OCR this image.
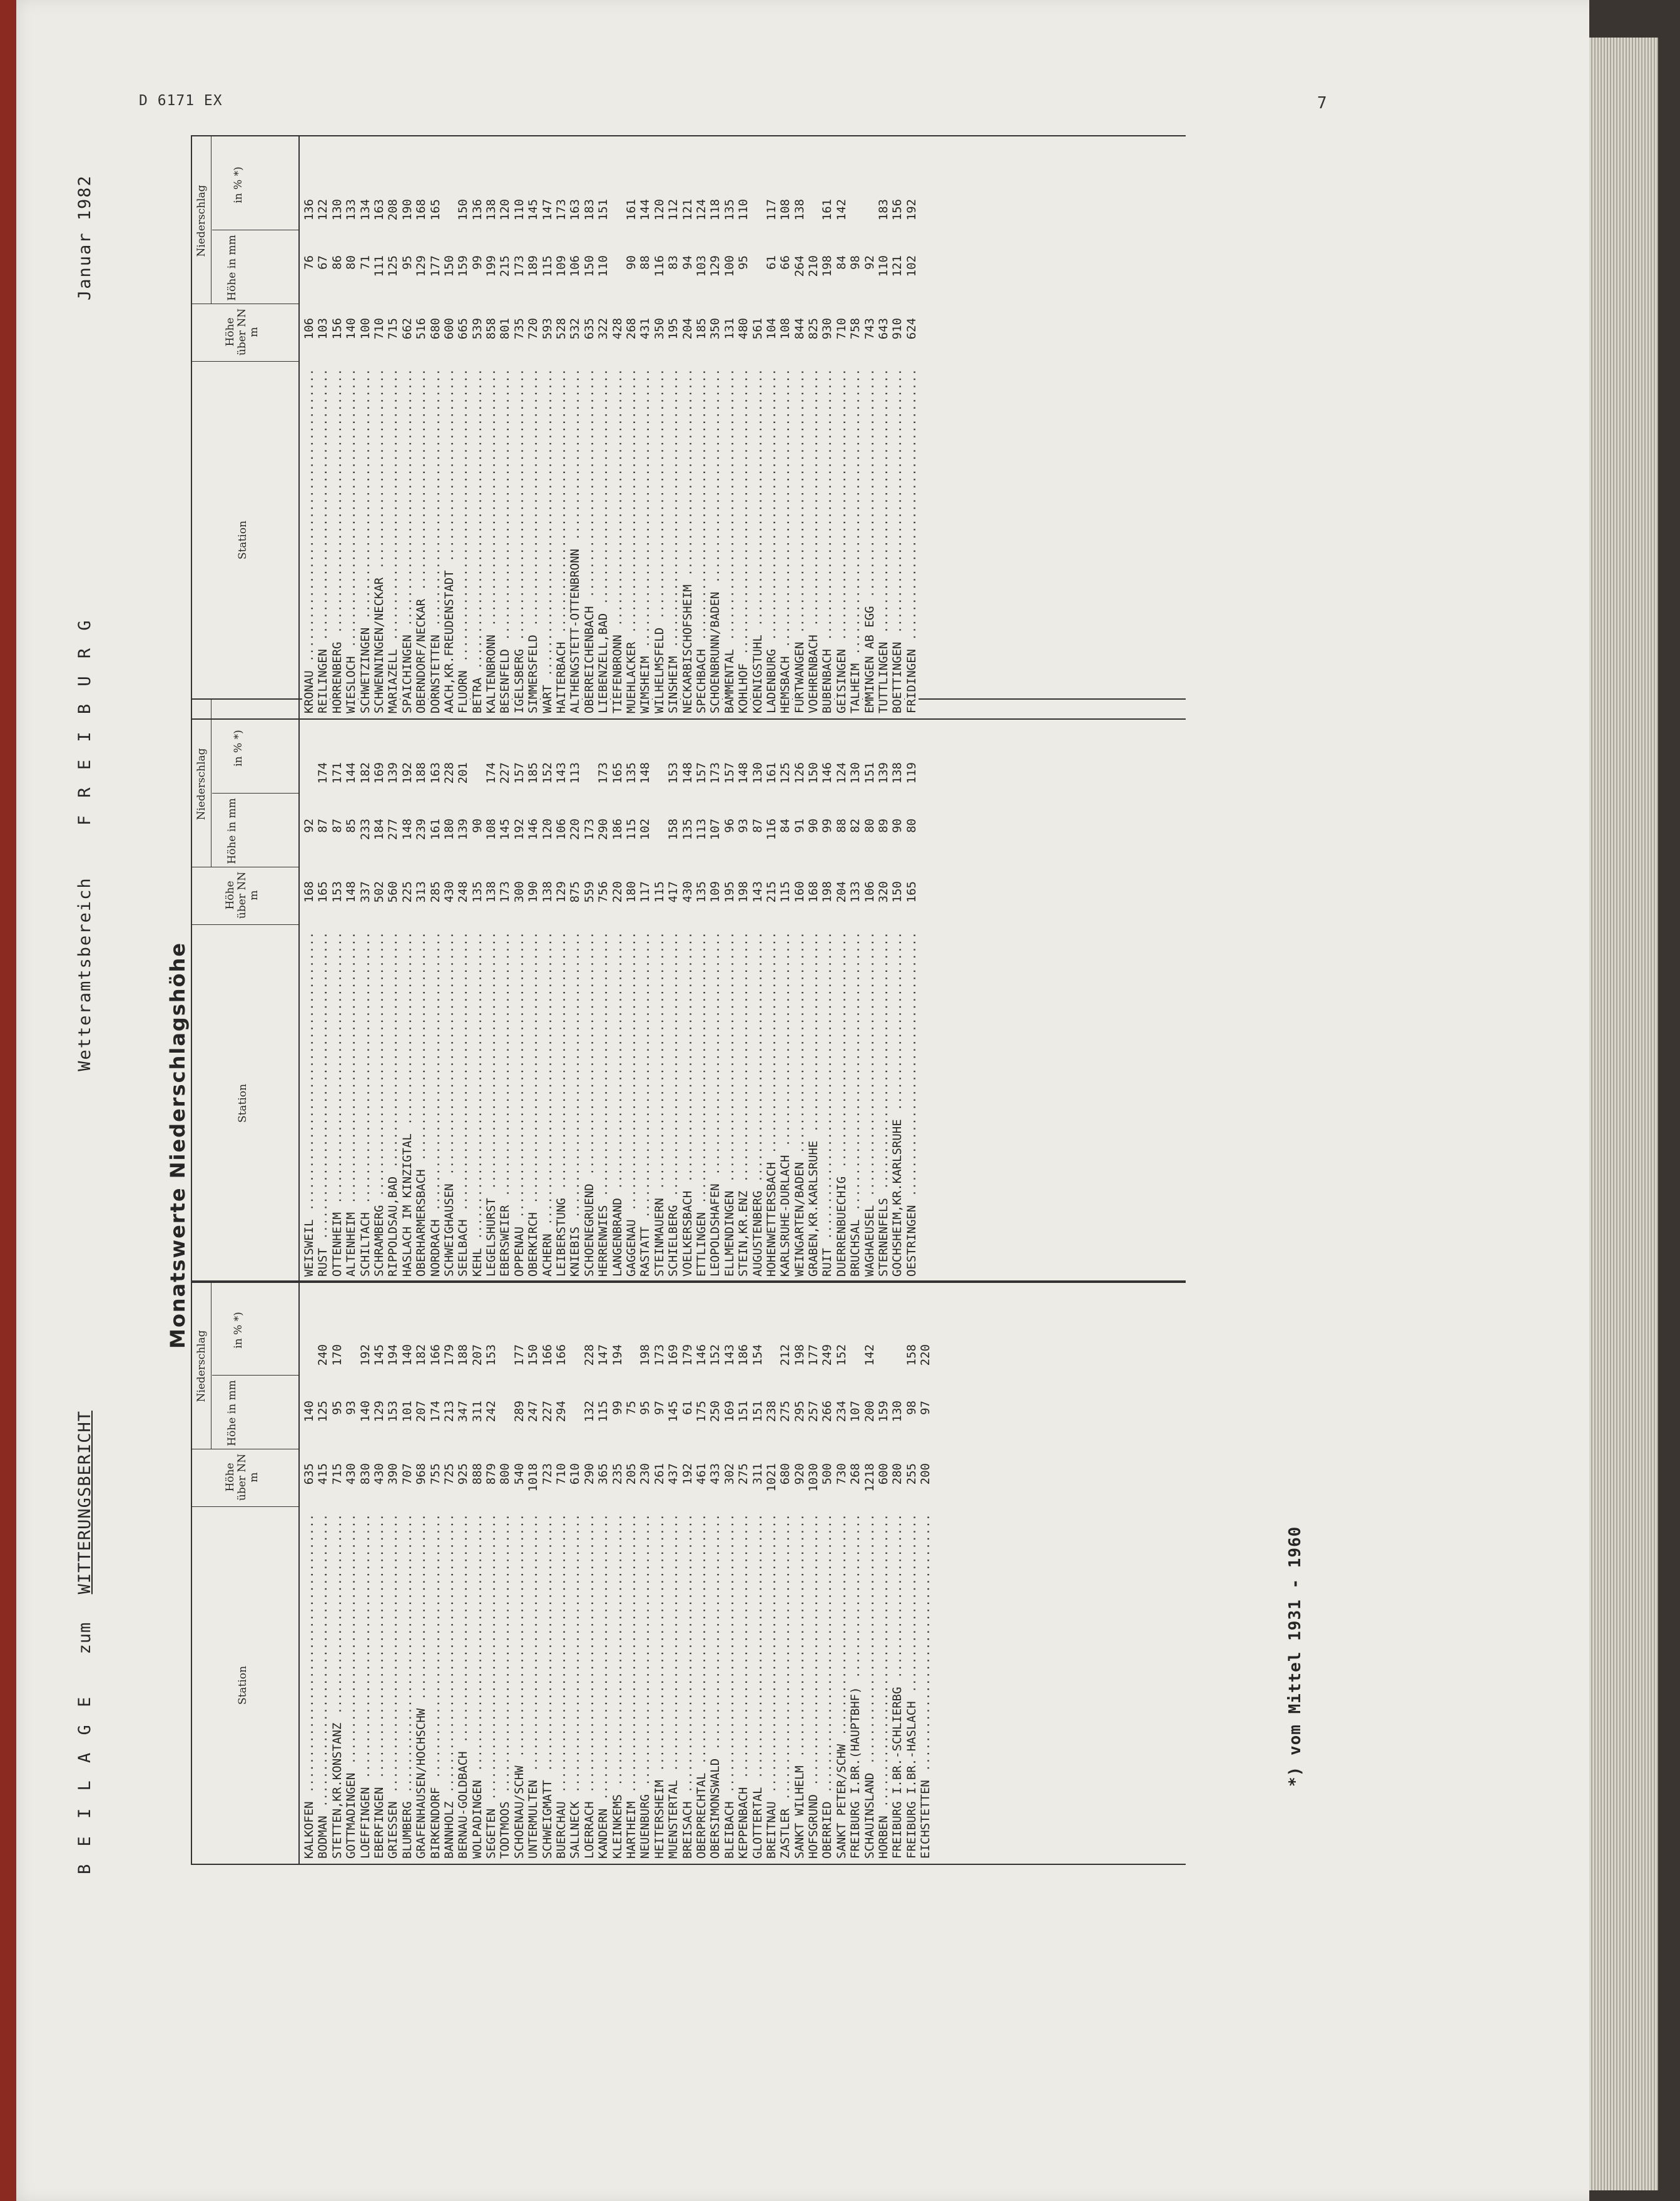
D 6171 EX	7
B E I L A G E zum WITTERUNGSBERICHT Wetteramtsbereich F R E I B U R G
Januar 1982
Monatswerte Niederschlagshöhe
Station
Höhe über NN m
Niederschlag
Höhe in mm
in % *)
KALKOFEN .....
635
140
BODMAN .....
415
125
240
STETTEN,KR.KONSTANZ .....
715
95
170
GOTTMADINGEN .....
430
93
LOEFFINGEN .....
830
140
192
EBERFINGEN .....
430
129
145
GRIESSEN .....
390
153
194
BLUMBERG .....
707
101
140
GRAFENHAUSEN/HOCHSCHW .....
968
207
182
BIRKENDORF .....
755
174
166
BANNHOLZ .....
725
213
179
BERNAU-GOLDBACH .....
925
347
188
WOLPADINGEN .....
888
311
207
SEGETEN .....
879
242
153
TODTMOOS .....
800
SCHOENAU/SCHW .....
540
289
177
UNTERMULTEN .....
1018
247
150
SCHWEIGMATT .....
723
227
166
BUERCHAU .....
710
294
166
SALLNECK .....
610
LOERRACH .....
290
132
228
KANDERN .....
365
115
147
KLEINKEMS .....
235
99
194
HARTHEIM .....
205
75
NEUENBURG .....
230
95
198
HEITERSHEIM .....
261
97
173
MUENSTERTAL .....
437
145
169
BREISACH .....
192
61
179
OBERPRECHTAL .....
461
175
146
OBERSIMONSWALD .....
433
250
152
BLEIBACH .....
302
169
143
KEPPENBACH .....
275
151
186
GLOTTERTAL .....
311
151
154
BREITNAU .....
1021
238
ZASTLER .....
680
275
212
SANKT WILHELM .....
920
295
198
HOFSGRUND .....
1030
257
177
OBERRIED .....
500
266
249
SANKT PETER/SCHW .....
730
234
152
FREIBURG I.BR.(HAUPTBHF) .....
268
107
SCHAUINSLAND .....
1218
200
142
HORBEN .....
600
159
FREIBURG I.BR.-SCHLIERBG .....
280
130
FREIBURG I.BR.-HASLACH .....
255
98
158
EICHSTETTEN .....
200
97
220
Station
Höhe über NN m
Niederschlag
Höhe in mm
in % *)
WEISWEIL .....
168
92
RUST .....
165
87
174
OTTENHEIM .....
153
87
171
ALTENHEIM .....
148
85
144
SCHILTACH .....
337
233
182
SCHRAMBERG .....
502
184
169
RIPPOLDSAU,BAD .....
560
277
139
HASLACH IM KINZIGTAL .....
225
148
192
OBERHARMERSBACH .....
313
239
188
NORDRACH .....
285
161
163
SCHWEIGHAUSEN .....
430
180
228
SEELBACH .....
248
139
201
KEHL .....
135
90
LEGELSHURST .....
138
108
174
EBERSWEIER .....
173
145
227
OPPENAU .....
300
192
157
OBERKIRCH .....
190
146
185
ACHERN .....
138
120
152
LEIBERSTUNG .....
129
106
143
KNIEBIS .....
875
220
113
SCHOENEGRUEND .....
559
173
HERRENWIES .....
756
290
173
LANGENBRAND .....
220
186
165
GAGGENAU .....
180
115
135
RASTATT .....
117
102
148
STEINMAUERN .....
115
SCHIELBERG .....
417
158
153
VOELKERSBACH .....
430
135
148
ETTLINGEN .....
135
113
157
LEOPOLDSHAFEN .....
109
107
173
ELLMENDINGEN .....
195
96
157
STEIN,KR.ENZ .....
198
93
148
AUGUSTENBERG .....
143
87
130
HOHENWETTERSBACH .....
215
116
161
KARLSRUHE-DURLACH .....
115
84
125
WEINGARTEN/BADEN .....
160
91
126
GRABEN,KR.KARLSRUHE .....
168
90
150
RUIT .....
198
99
146
DUERRENBUECHIG .....
204
88
124
BRUCHSAL .....
133
82
130
WAGHAEUSEL .....
106
80
151
STERNENFELS .....
320
89
139
GOCHSHEIM,KR.KARLSRUHE .....
150
90
138
OESTRINGEN .....
165
80
119
Station
Höhe über NN m
Niederschlag
Höhe in mm
in % *)
KRONAU .....
106
76
136
REILINGEN .....
103
67
122
HORRENBERG .....
156
86
130
WIESLOCH .....
140
80
133
SCHWETZINGEN .....
100
71
134
SCHWENNINGEN/NECKAR .....
710
111
163
MARIAZELL .....
715
125
208
SPAICHINGEN .....
662
95
190
OBERNDORF/NECKAR .....
516
129
168
DORNSTETTEN .....
680
177
165
AACH,KR.FREUDENSTADT .....
600
150
FLUORN .....
665
159
150
BETRA .....
539
99
136
KALTENBRONN .....
858
199
138
BESENFELD .....
801
215
120
IGELSBERG .....
735
173
110
SIMMERSFELD .....
720
189
145
WART .....
593
115
147
HAITERBACH .....
528
109
173
ALTHENGSTETT-OTTENBRONN .....
532
106
163
OBERREICHENBACH .....
635
150
183
LIEBENZELL,BAD .....
322
110
151
TIEFENBRONN .....
428
MUEHLACKER .....
268
90
161
WIMSHEIM .....
431
88
144
WILHELMSFELD .....
350
116
120
SINSHEIM .....
195
83
112
NECKARBISCHOFSHEIM .....
204
94
121
SPECHBACH .....
185
103
124
SCHOENBRUNN/BADEN .....
350
129
118
BAMMENTAL .....
131
100
135
KOHLHOF .....
480
95
110
KOENIGSTUHL .....
561
LADENBURG .....
104
61
117
HEMSBACH .....
108
66
108
FURTWANGEN .....
844
264
138
VOEHRENBACH .....
825
210
BUBENBACH .....
930
198
161
GEISINGEN .....
710
84
142
TALHEIM .....
758
98
EMMINGEN AB EGG .....
743
92
TUTTLINGEN .....
643
110
183
BOETTINGEN .....
910
121
156
FRIDINGEN .....
624
102
192
*) vom Mittel 1931 - 1960
